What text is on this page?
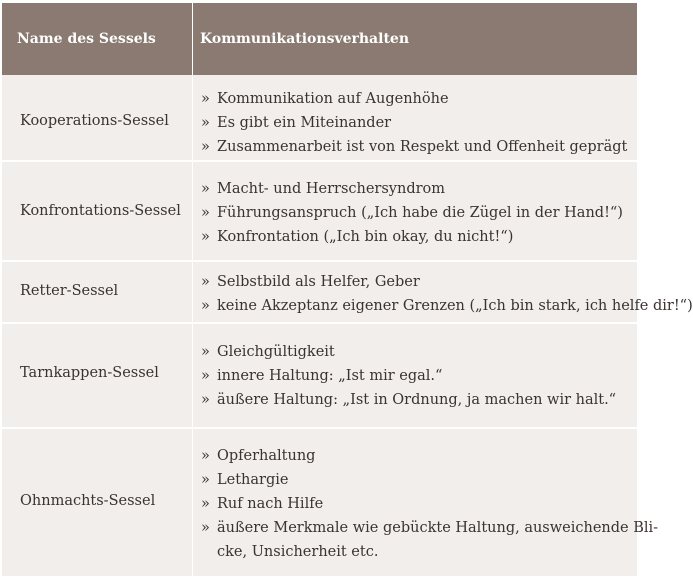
Name des Sessels	Kommunikationsverhalten
Kooperations-Sessel
» Kommunikation auf Augenhöhe
» Es gibt ein Miteinander
» Zusammenarbeit ist von Respekt und Offenheit geprägt
Konfrontations-Sessel
» Macht- und Herrschersyndrom
» Führungsanspruch („Ich habe die Zügel in der Hand!“)
» Konfrontation („Ich bin okay, du nicht!“)
Retter-Sessel
» Selbstbild als Helfer, Geber
» keine Akzeptanz eigener Grenzen („Ich bin stark, ich helfe dir!“)
Tarnkappen-Sessel
» Gleichgültigkeit
» innere Haltung: „Ist mir egal.“
» äußere Haltung: „Ist in Ordnung, ja machen wir halt.“
Ohnmachts-Sessel
» Opferhaltung
» Lethargie
» Ruf nach Hilfe
» äußere Merkmale wie gebückte Haltung, ausweichende Bli-
cke, Unsicherheit etc.
